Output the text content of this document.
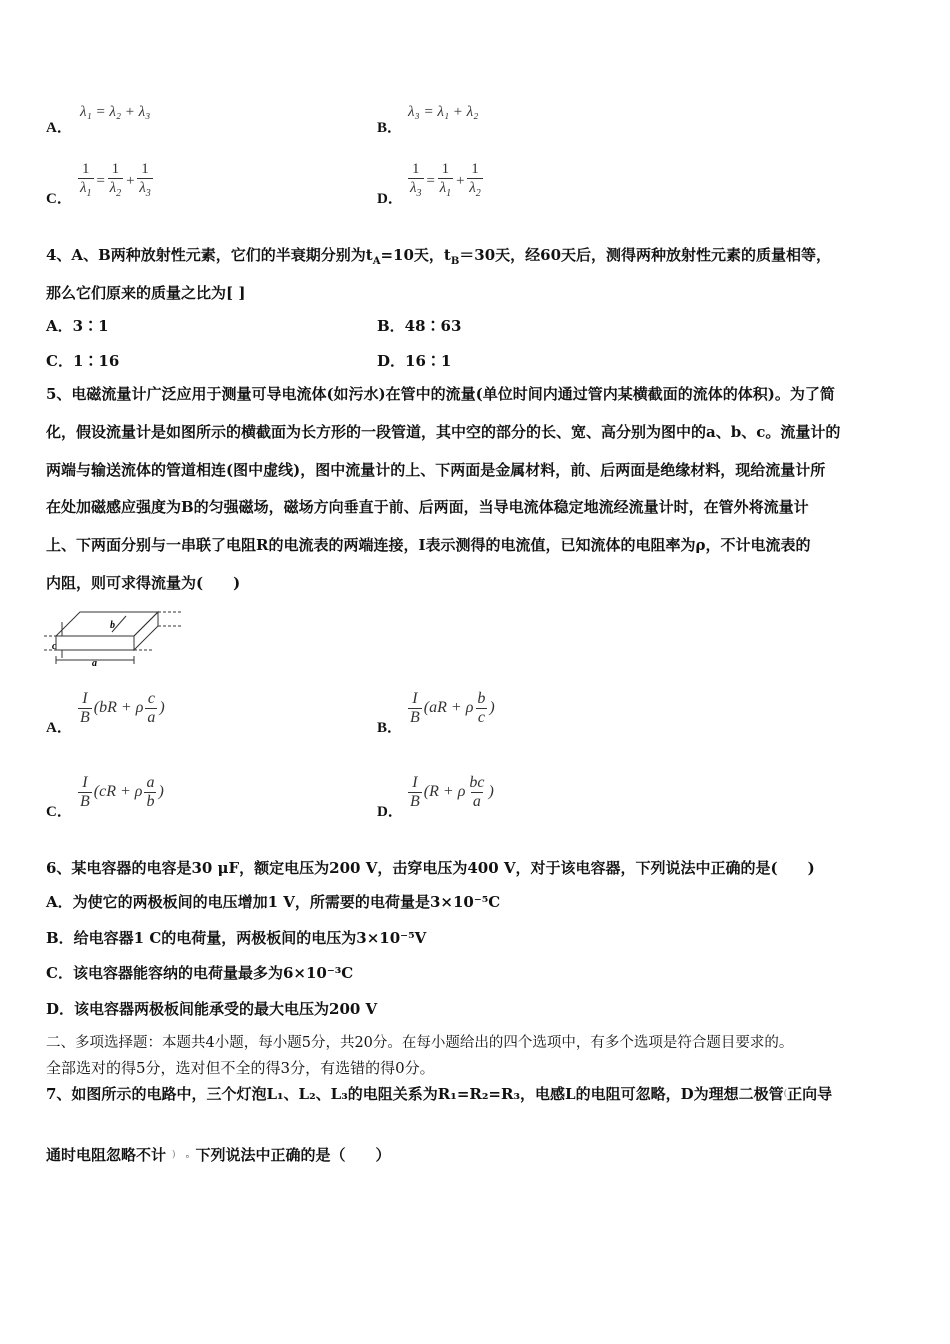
A．
λ₁ = λ₂ + λ₃
B．
λ₃ = λ₁ + λ₂
C． $\frac{1}{\lambda_1} = \frac{1}{\lambda_2} + \frac{1}{\lambda_3}$	D． $\frac{1}{\lambda_3} = \frac{1}{\lambda_1} + \frac{1}{\lambda_2}$
4、A、B两种放射性元素，它们的半衰期分别为$t_A=10$天，$t_B=30$天，经60天后，测得两种放射性元素的质量相等，
那么它们原来的质量之比为[ ]
A．3∶1	B．48∶63
C．1∶16	D．16∶1
5、电磁流量计广泛应用于测量可导电流体(如污水)在管中的流量(单位时间内通过管内某横截面的流体的体积)。为了简
化，假设流量计是如图所示的横截面为长方形的一段管道，其中空的部分的长、宽、高分别为图中的a、b、c。流量计的
两端与输送流体的管道相连(图中虚线)，图中流量计的上、下两面是金属材料，前、后两面是绝缘材料，现给流量计所
在处加磁感应强度为B的匀强磁场，磁场方向垂直于前、后两面，当导电流体稳定地流经流量计时，在管外将流量计
上、下两面分别与一串联了电阻R的电流表的两端连接，I表示测得的电流值，已知流体的电阻率为ρ，不计电流表的
内阻，则可求得流量为(　　)
c
a
b
A．
$\frac{I}{B} (bR + \rho \frac{c}{a}$ )
B．
$\frac{I}{B} (aR + \rho \frac{b}{c}$ )
C．
$\frac{I}{B} (cR + \rho \frac{a}{b}$ )
D．
$\frac{I}{B} (R + \rho \frac{bc}{a}$ )
6、某电容器的电容是30 μF，额定电压为200 V，击穿电压为400 V，对于该电容器，下列说法中正确的是(　　)
A．为使它的两极板间的电压增加1 V，所需要的电荷量是3×10⁻⁵C
B．给电容器1 C的电荷量，两极板间的电压为3×10⁻⁵V
C．该电容器能容纳的电荷量最多为6×10⁻³C
D．该电容器两极板间能承受的最大电压为200 V
二、多项选择题：本题共4小题，每小题5分，共20分。在每小题给出的四个选项中，有多个选项是符合题目要求的。
全部选对的得5分，选对但不全的得3分，有选错的得0分。
7、如图所示的电路中，三个灯泡L₁、L₂、L₃的电阻关系为R₁=R₂=R₃，电感L的电阻可忽略，D为理想二极管(正向导
通时电阻忽略不计 ) 。下列说法中正确的是（　　）
